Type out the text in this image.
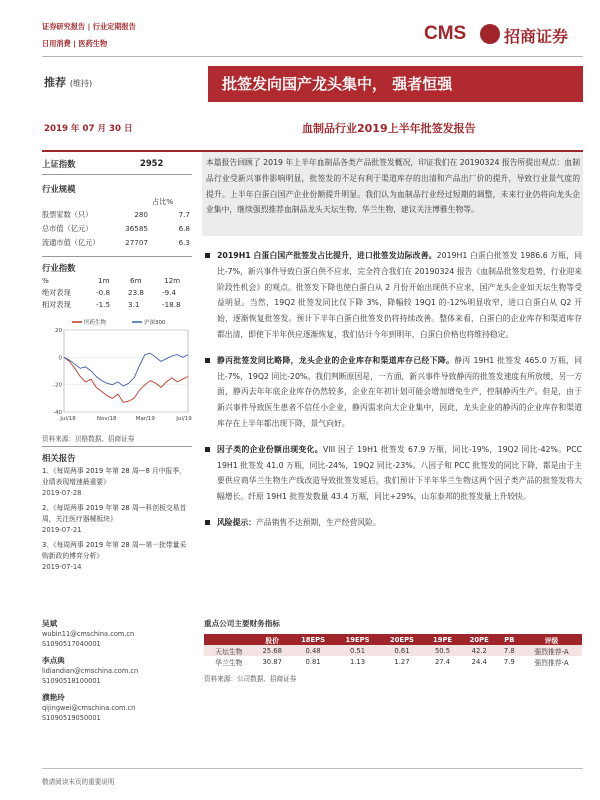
证券研究报告 | 行业定期报告
日用消费 | 医药生物	CMS 招商证券
推荐 (维持)	批签发向国产龙头集中， 强者恒强
2019 年 07 月 30 日	血制品行业2019上半年批签发报告
上证指数	2952
行业规模
占比%
股票家数（只）	280	7.7
总市值（亿元）	36585	6.8
流通市值（亿元）	27707	6.3
行业指数
%	1m	6m	12m
绝对表现	-0.8 23.8 -9.4
相对表现	-1.5 3.1	-18.8
-40
-20
0
20
Jul/18	Nov/18	Mar/19	Jul/19
医药生物	沪深300
资料来源：贝格数据、招商证券
相关报告
1、《每周两事 2019 年第 28 周—8 月中报季，业绩表现增速最重要》
2019-07-28
2、《每周两事 2019 年第 28 周—科创板交易首周，关注医疗器械板块》
2019-07-21
3、《每周两事 2019 年第 28 周—第一批带量采购新政的博弈分析》
2019-07-14
吴斌
wubin11@cmschina.com.cn
S1090517040001
李点典
lidiandian@cmschina.com.cn
S1090518100001
濮艳玲
qijingwei@cmschina.com.cn
S1090519050001
本篇报告回顾了 2019 年上半年血制品各类产品批签发概况，印证我们在 20190324 报告所提出观点：血制品行业受新兴事件影响明显，批签发的不足有利于渠道库存的出清和产品出厂价的提升，导致行业景气度的提升。上半年白蛋白国产企业份额提升明显。我们认为血制品行业经过短期的调整，未来行业仍将向龙头企业集中，继续强烈推荐血制品龙头天坛生物、华兰生物，建议关注博雅生物等。
2019H1 白蛋白国产批签发占比提升，进口批签发边际改善。2019H1 白蛋白批签发 1986.6 万瓶，同比-7%，新兴事件导致白蛋白供不应求，完全符合我们在 20190324 报告《血制品批签发趋势，行业迎来阶段性机会》的观点。批签发下降也使白蛋白从 2 月份开始出现供不应求，国产龙头企业如天坛生物等受益明显。当然，19Q2 批签发同比仅下降 3%，降幅较 19Q1 的-12%明显收窄，进口白蛋白从 Q2 开始，逐渐恢复批签发。预计下半年白蛋白批签发仍将持续改善。整体来看，白蛋白的企业库存和渠道库存都出清，即使下半年供应逐渐恢复，我们估计今年到明年，白蛋白价格也将维持稳定。
静丙批签发同比略降，龙头企业的企业库存和渠道库存已经下降。静丙 19H1 批签发 465.0 万瓶，同比-7%，19Q2 同比-20%。我们判断原因是，一方面，新兴事件导致静丙的批签发速度有所放缓，另一方面，静丙去年年底企业库存仍然较多，企业在年初计划可能会增加增免生产，控制静丙生产。但是，由于新兴事件导致医生患者不信任小企业，静丙需求向大企业集中，因此，龙头企业的静丙的企业库存和渠道库存在上半年都出现下降，景气向好。
因子类的企业份额出现变化。VIII 因子 19H1 批签发 67.9 万瓶，同比-19%，19Q2 同比-42%。PCC 19H1 批签发 41.0 万瓶，同比-24%，19Q2 同比-23%。八因子和 PCC 批签发的同比下降，都是由于主要供应商华兰生物生产线改造导致批签发延后，我们预计下半年华兰生物这两个因子类产品的批签发将大幅增长。纤原 19H1 批签发数量 43.4 万瓶，同比+29%，山东泰邦的批签发量上升较快。
风险提示：产品销售不达预期，生产经营风险。
重点公司主要财务指标
	股价	18EPS	19EPS	20EPS	19PE	20PE	PB	评级
天坛生物	25.68	0.48	0.51	0.61	50.5	42.2	7.8	强烈推荐-A
华兰生物	30.87	0.81	1.13	1.27	27.4	24.4	7.9	强烈推荐-A
资料来源：公司数据、招商证券
敬请阅读末页的重要说明
